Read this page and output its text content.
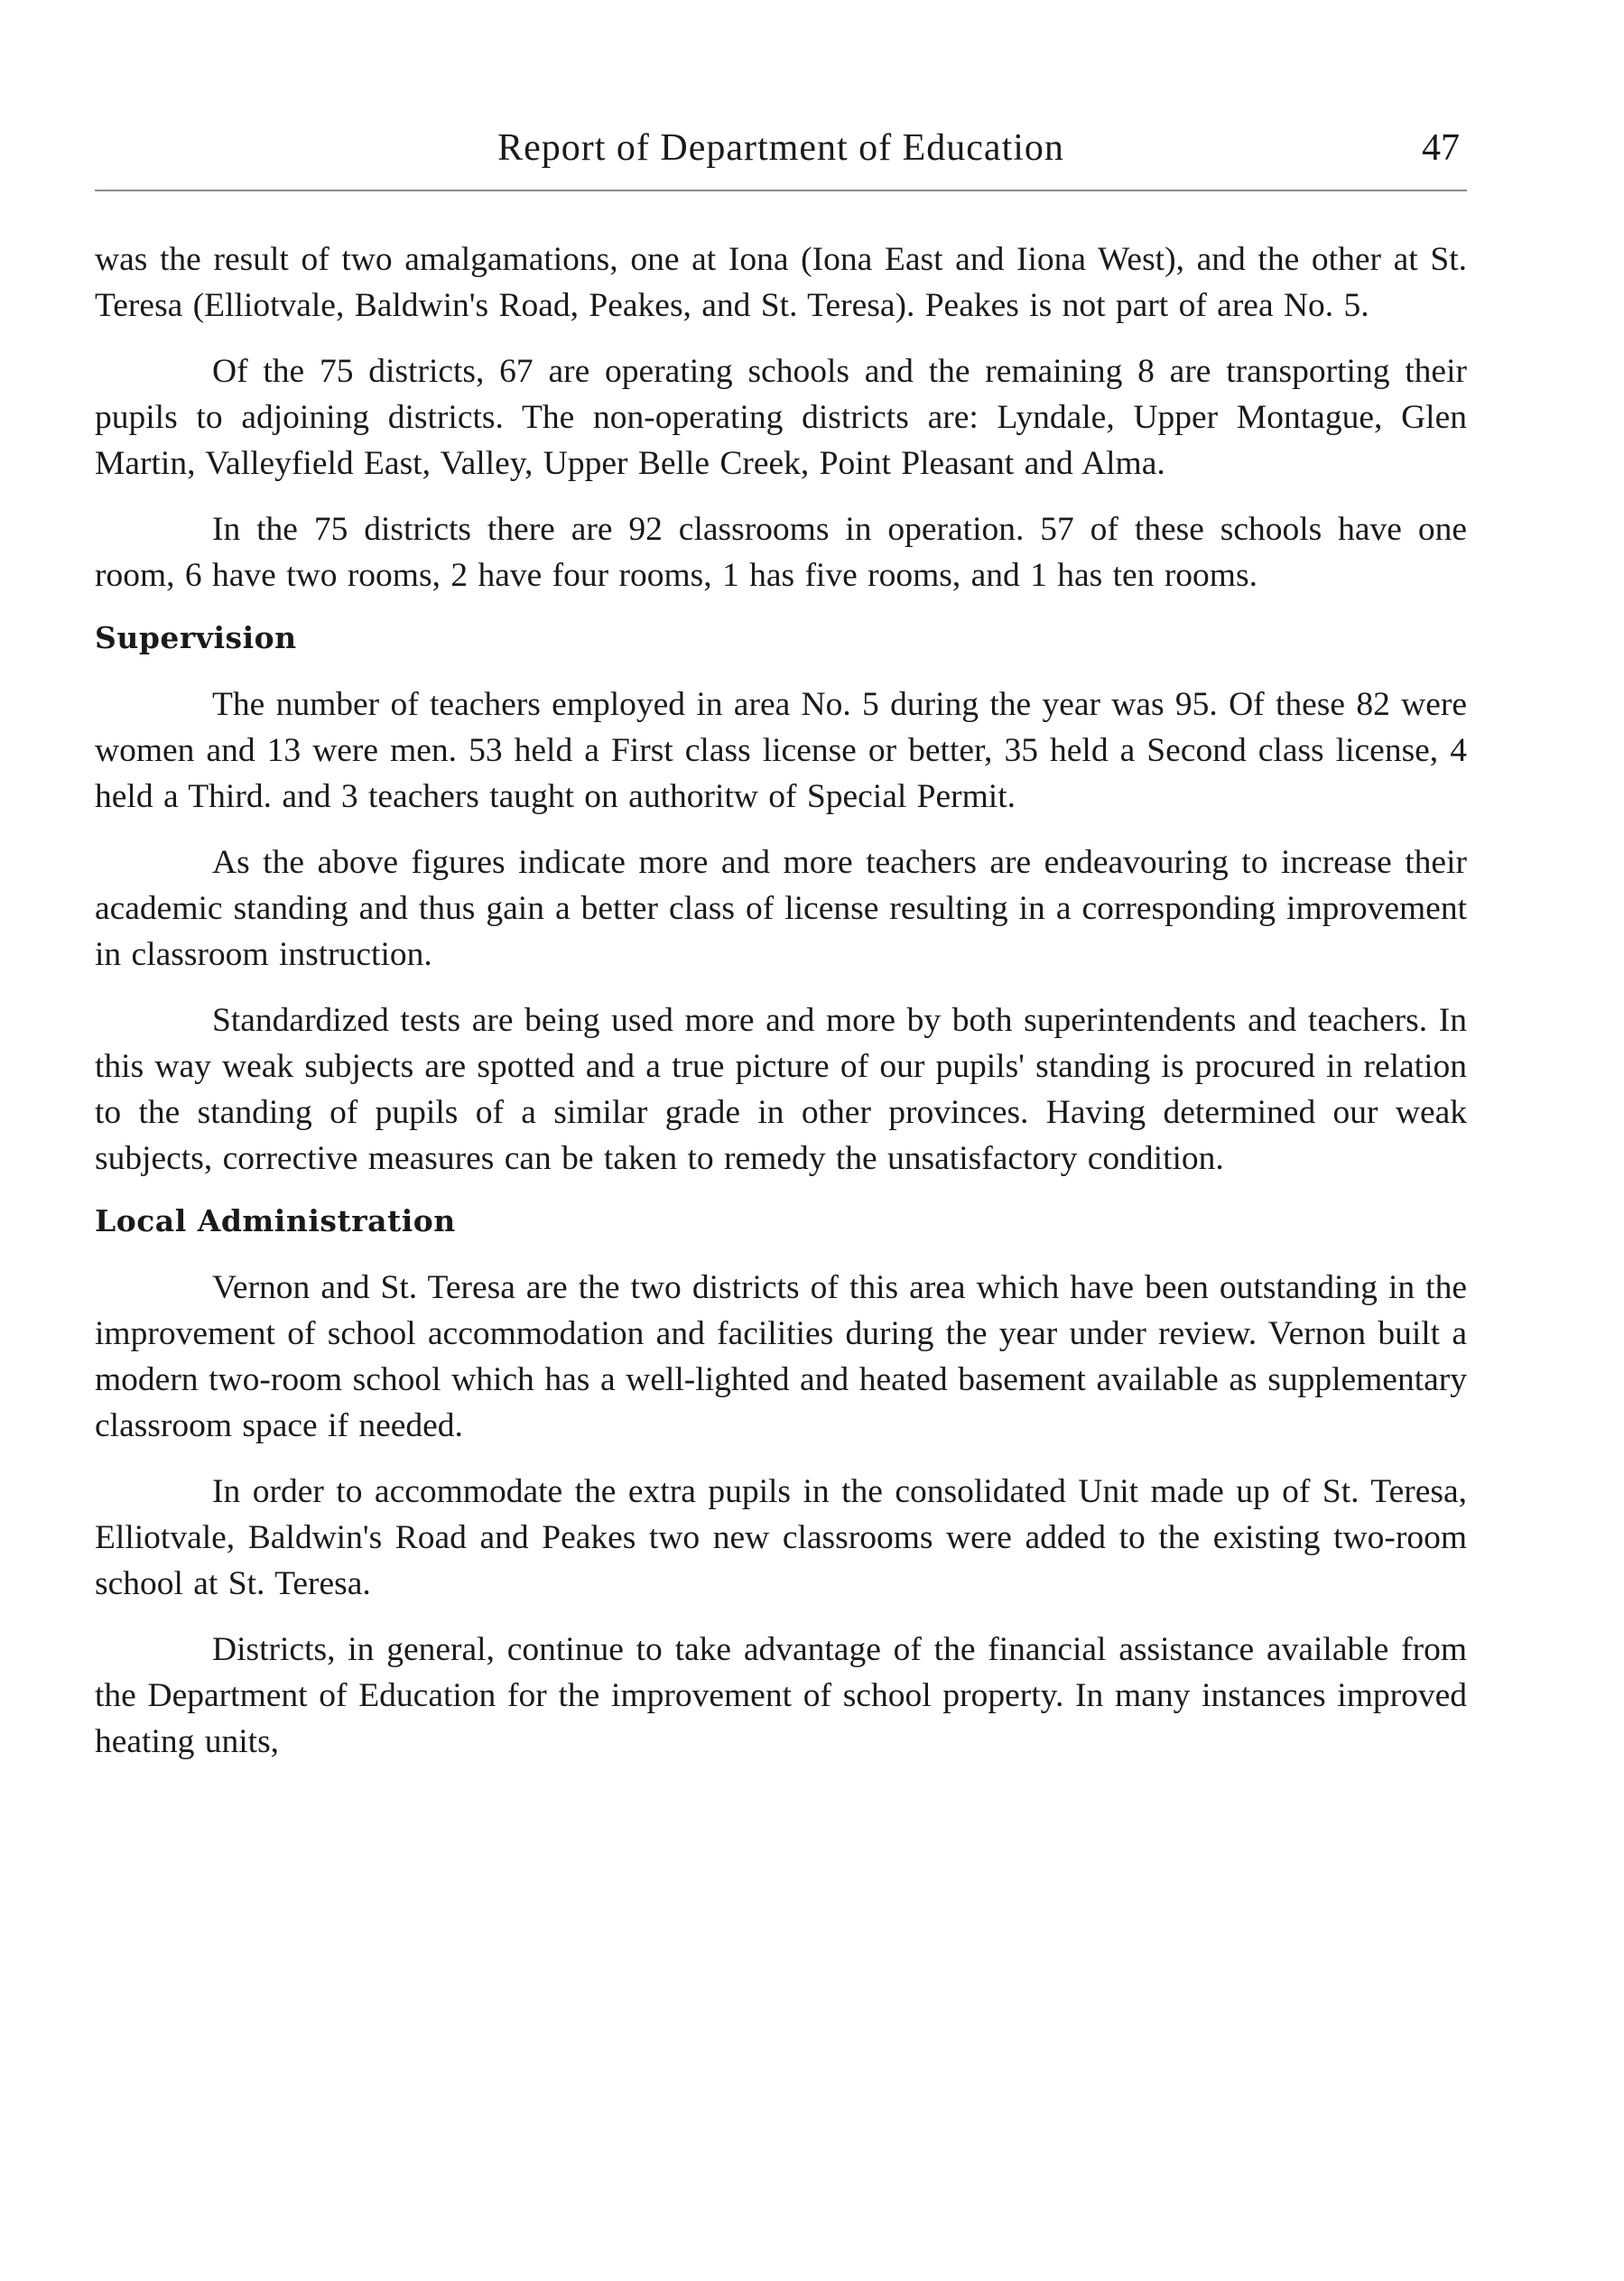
Report of Department of Education	47

was the result of two amalgamations, one at Iona (Iona East and Iiona West), and the other at St. Teresa (Elliotvale, Baldwin's Road, Peakes, and St. Teresa). Peakes is not part of area No. 5.

Of the 75 districts, 67 are operating schools and the remaining 8 are transporting their pupils to adjoining districts. The non-operating districts are: Lyndale, Upper Montague, Glen Martin, Valleyfield East, Valley, Upper Belle Creek, Point Pleasant and Alma.

In the 75 districts there are 92 classrooms in operation. 57 of these schools have one room, 6 have two rooms, 2 have four rooms, 1 has five rooms, and 1 has ten rooms.

Supervision

The number of teachers employed in area No. 5 during the year was 95. Of these 82 were women and 13 were men. 53 held a First class license or better, 35 held a Second class license, 4 held a Third. and 3 teachers taught on authoritw of Special Permit.

As the above figures indicate more and more teachers are endeavouring to increase their academic standing and thus gain a better class of license resulting in a corresponding improvement in classroom instruction.

Standardized tests are being used more and more by both superintendents and teachers. In this way weak subjects are spotted and a true picture of our pupils' standing is procured in relation to the standing of pupils of a similar grade in other provinces. Having determined our weak subjects, corrective measures can be taken to remedy the unsatisfactory condition.

Local Administration

Vernon and St. Teresa are the two districts of this area which have been outstanding in the improvement of school accommodation and facilities during the year under review. Vernon built a modern two-room school which has a well-lighted and heated basement available as supplementary classroom space if needed.

In order to accommodate the extra pupils in the consolidated Unit made up of St. Teresa, Elliotvale, Baldwin's Road and Peakes two new classrooms were added to the existing two-room school at St. Teresa.

Districts, in general, continue to take advantage of the financial assistance available from the Department of Education for the improvement of school property. In many instances improved heating units,
